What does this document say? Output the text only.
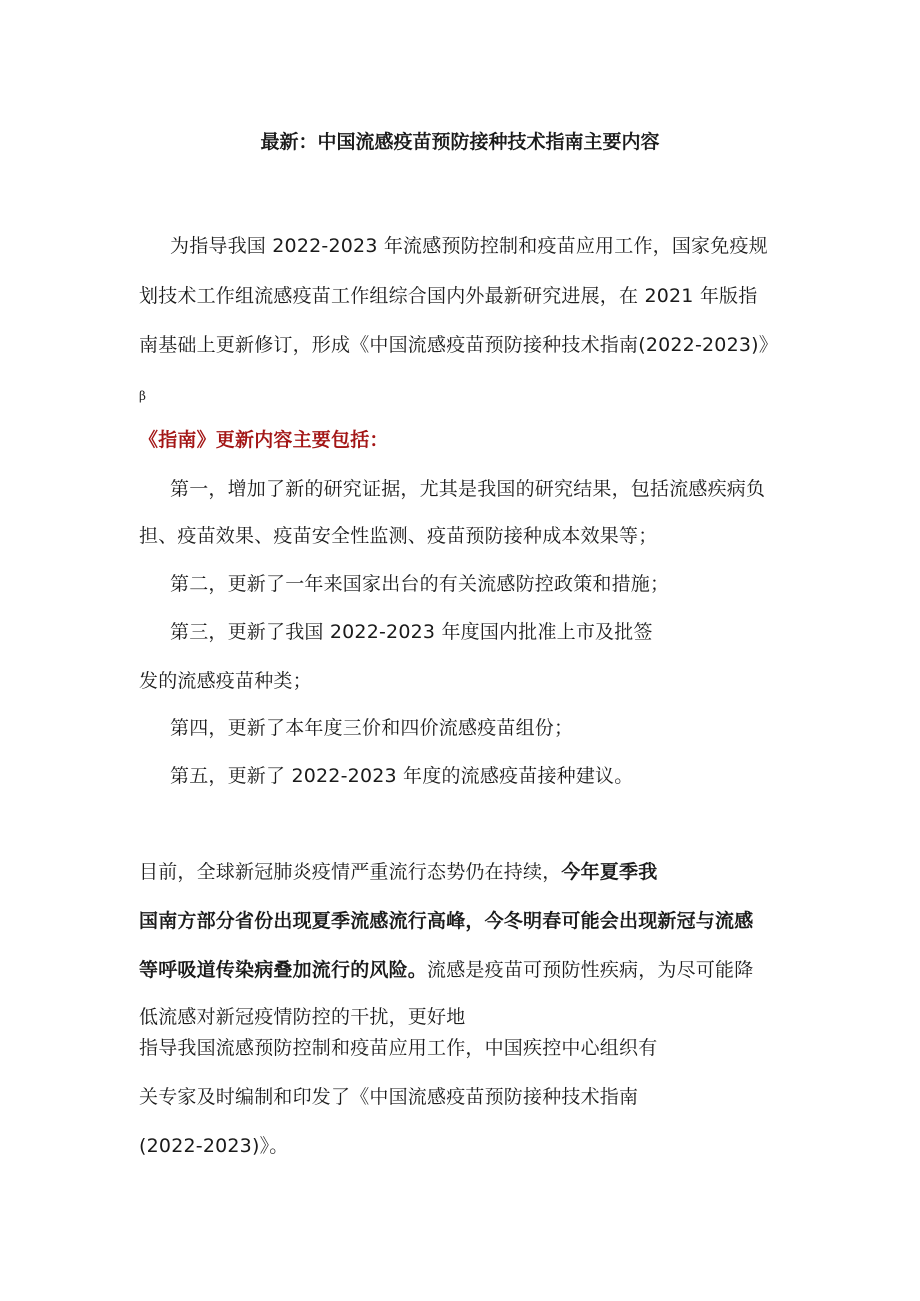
最新：中国流感疫苗预防接种技术指南主要内容
为指导我国 2022-2023 年流感预防控制和疫苗应用工作，国家免疫规
划技术工作组流感疫苗工作组综合国内外最新研究进展，在 2021 年版指
南基础上更新修订，形成《中国流感疫苗预防接种技术指南(2022-2023)》
β
《指南》更新内容主要包括：
第一，增加了新的研究证据，尤其是我国的研究结果，包括流感疾病负
担、疫苗效果、疫苗安全性监测、疫苗预防接种成本效果等；
第二，更新了一年来国家出台的有关流感防控政策和措施；
第三，更新了我国 2022-2023 年度国内批准上市及批签
发的流感疫苗种类；
第四，更新了本年度三价和四价流感疫苗组份；
第五，更新了 2022-2023 年度的流感疫苗接种建议。
目前，全球新冠肺炎疫情严重流行态势仍在持续，今年夏季我
国南方部分省份出现夏季流感流行高峰，今冬明春可能会出现新冠与流感
等呼吸道传染病叠加流行的风险。流感是疫苗可预防性疾病，为尽可能降
低流感对新冠疫情防控的干扰，更好地
指导我国流感预防控制和疫苗应用工作，中国疾控中心组织有
关专家及时编制和印发了《中国流感疫苗预防接种技术指南
(2022-2023)》。
